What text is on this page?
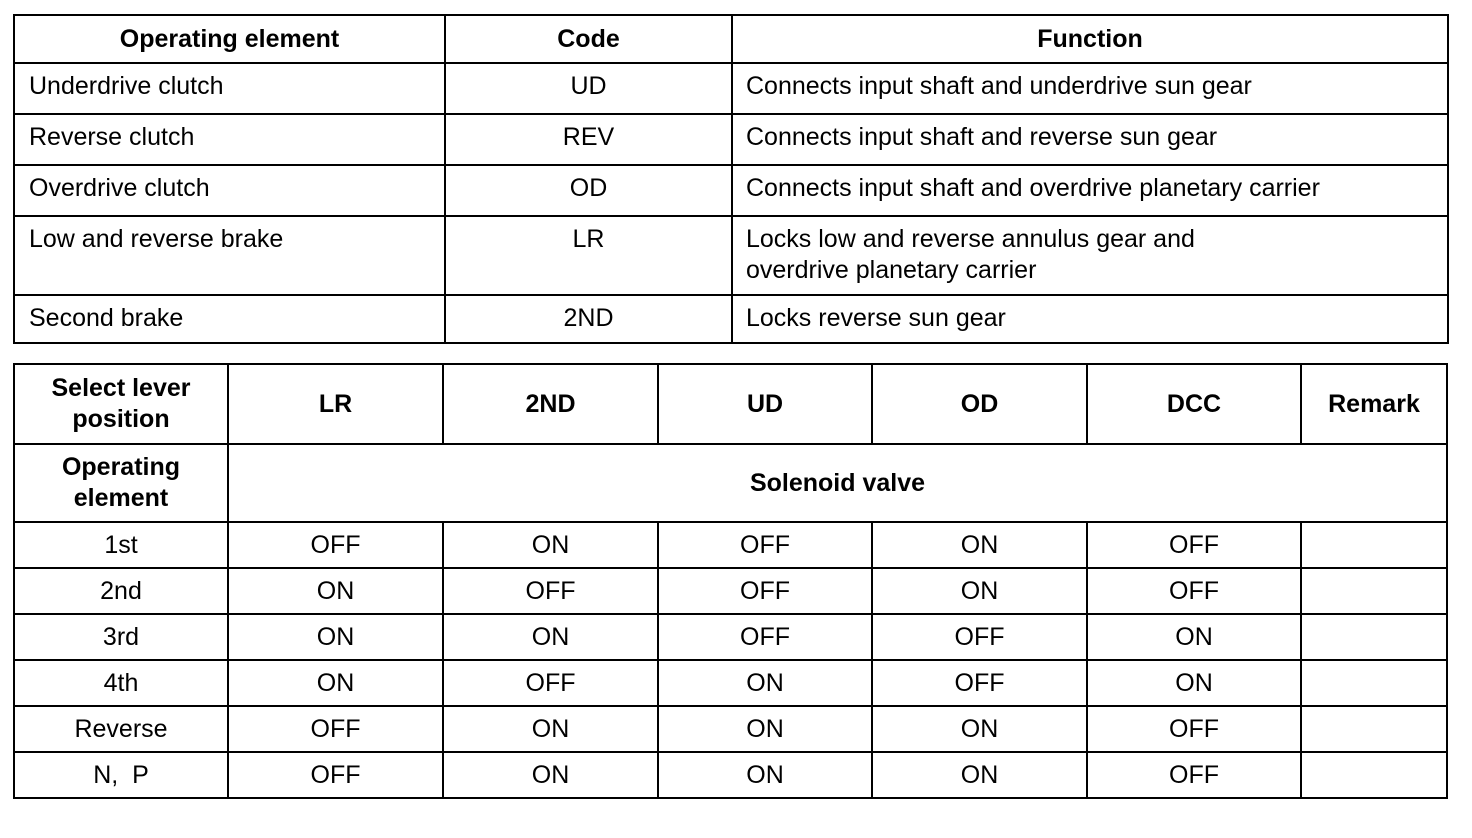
Operating element	Code	Function
Underdrive clutch	UD	Connects input shaft and underdrive sun gear
Reverse clutch	REV	Connects input shaft and reverse sun gear
Overdrive clutch	OD	Connects input shaft and overdrive planetary carrier
Low and reverse brake	LR	Locks low and reverse annulus gear and
overdrive planetary carrier

Second brake	2ND	Locks reverse sun gear
Select lever
position	LR	2ND	UD	OD	DCC	Remark

Operating
element	Solenoid valve					
1st	OFF	ON	OFF	ON	OFF	
2nd	ON	OFF	OFF	ON	OFF	
3rd	ON	ON	OFF	OFF	ON	
4th	ON	OFF	ON	OFF	ON	
Reverse	OFF	ON	ON	ON	OFF	
N,  P	OFF	ON	ON	ON	OFF	
